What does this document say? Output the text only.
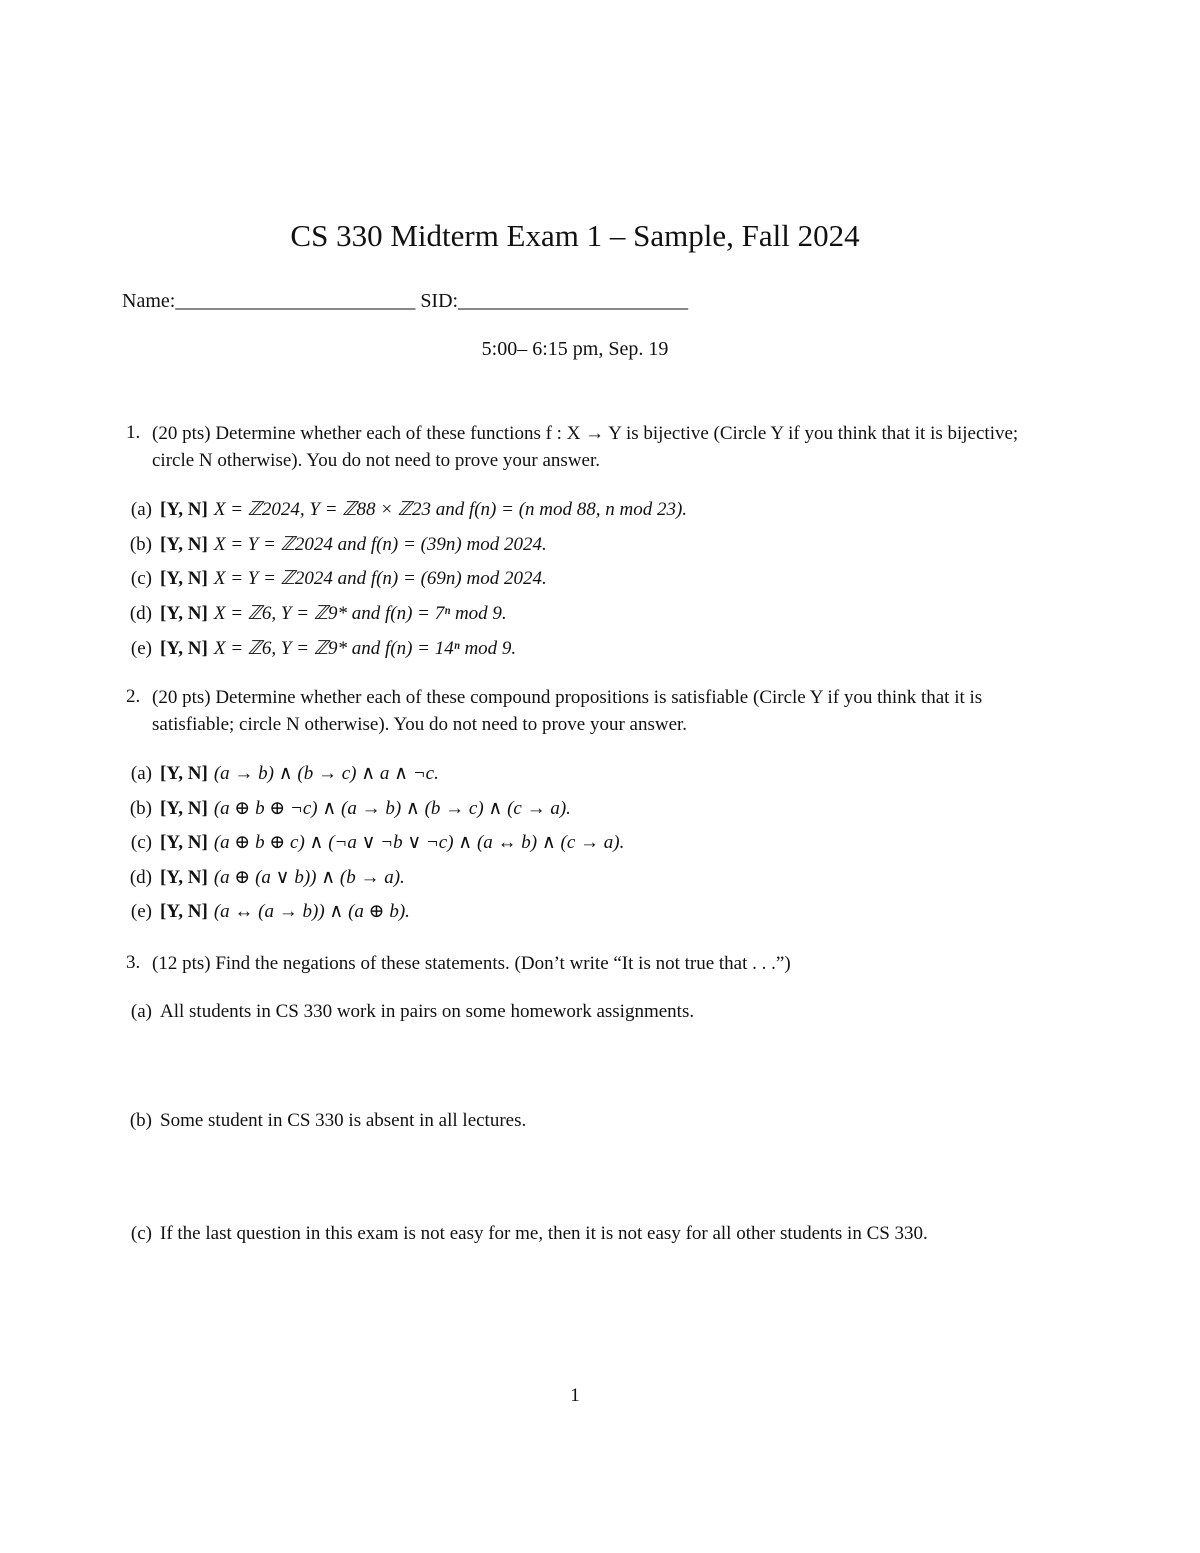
CS 330 Midterm Exam 1 – Sample, Fall 2024
Name:________________________ SID:_______________________
5:00– 6:15 pm, Sep. 19
1. (20 pts) Determine whether each of these functions f : X → Y is bijective (Circle Y if you think that it is bijective; circle N otherwise). You do not need to prove your answer.
(a) [Y, N] X = ℤ2024, Y = ℤ88 × ℤ23 and f(n) = (n mod 88, n mod 23).
(b) [Y, N] X = Y = ℤ2024 and f(n) = (39n) mod 2024.
(c) [Y, N] X = Y = ℤ2024 and f(n) = (69n) mod 2024.
(d) [Y, N] X = ℤ6, Y = ℤ9* and f(n) = 7ⁿ mod 9.
(e) [Y, N] X = ℤ6, Y = ℤ9* and f(n) = 14ⁿ mod 9.
2. (20 pts) Determine whether each of these compound propositions is satisfiable (Circle Y if you think that it is satisfiable; circle N otherwise). You do not need to prove your answer.
(a) [Y, N] (a → b) ∧ (b → c) ∧ a ∧ ¬c.
(b) [Y, N] (a ⊕ b ⊕ ¬c) ∧ (a → b) ∧ (b → c) ∧ (c → a).
(c) [Y, N] (a ⊕ b ⊕ c) ∧ (¬a ∨ ¬b ∨ ¬c) ∧ (a ↔ b) ∧ (c → a).
(d) [Y, N] (a ⊕ (a ∨ b)) ∧ (b → a).
(e) [Y, N] (a ↔ (a → b)) ∧ (a ⊕ b).
3. (12 pts) Find the negations of these statements. (Don’t write “It is not true that . . .”)
(a) All students in CS 330 work in pairs on some homework assignments.
(b) Some student in CS 330 is absent in all lectures.
(c) If the last question in this exam is not easy for me, then it is not easy for all other students in CS 330.
1
